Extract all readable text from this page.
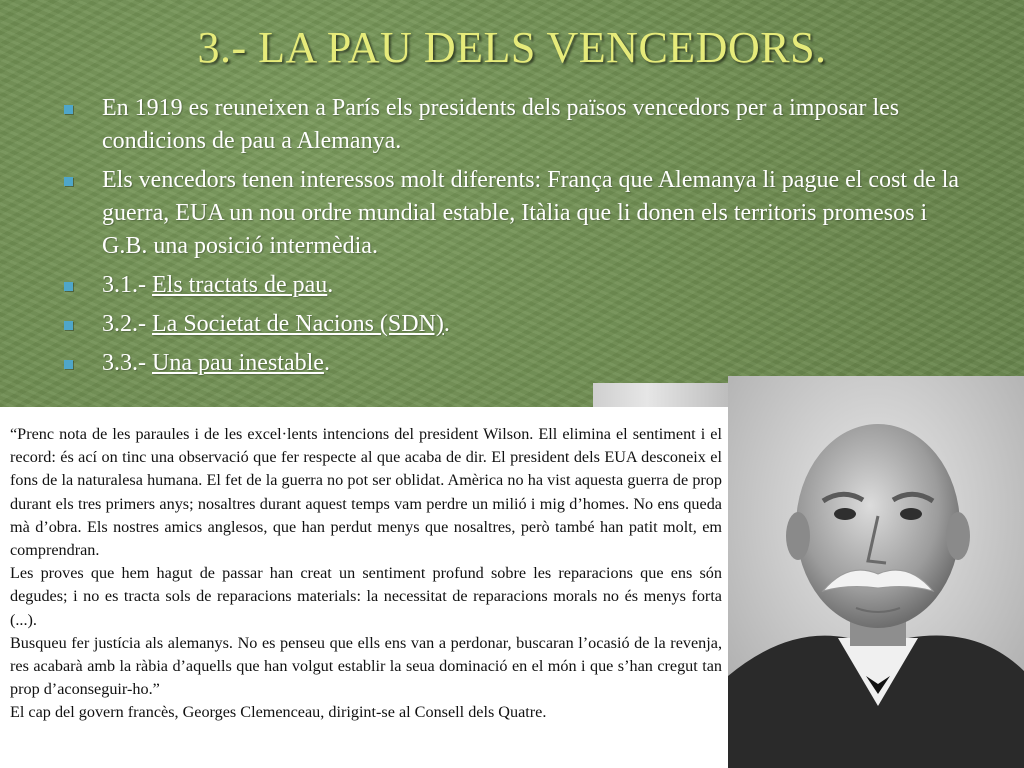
3.- LA PAU DELS VENCEDORS.
En 1919 es reuneixen a París els presidents dels països vencedors per a imposar les condicions de pau a Alemanya.
Els vencedors tenen interessos molt diferents: França que Alemanya li pague el cost de la guerra, EUA un nou ordre mundial estable, Itàlia que li donen els territoris promesos i G.B. una posició intermèdia.
3.1.- Els tractats de pau.
3.2.- La Societat de Nacions (SDN).
3.3.- Una pau inestable.

“Prenc nota de les paraules i de les excel·lents intencions del president Wilson. Ell elimina el sentiment i el record: és ací on tinc una observació que fer respecte al que acaba de dir. El president dels EUA desconeix el fons de la naturalesa humana. El fet de la guerra no pot ser oblidat. Amèrica no ha vist aquesta guerra de prop durant els tres primers anys; nosaltres durant aquest temps vam perdre un milió i mig d’homes. No ens queda mà d’obra. Els nostres amics anglesos, que han perdut menys que nosaltres, però també han patit molt, em comprendran.

Les proves que hem hagut de passar han creat un sentiment profund sobre les reparacions que ens són degudes; i no es tracta sols de reparacions materials: la necessitat de reparacions morals no és menys forta (...).

Busqueu fer justícia als alemanys. No es penseu que ells ens van a perdonar, buscaran l’ocasió de la revenja, res acabarà amb la ràbia d’aquells que han volgut establir la seua dominació en el món i que s’han cregut tan prop d’aconseguir-ho.”

El cap del govern francès, Georges Clemenceau, dirigint-se al Consell dels Quatre.
